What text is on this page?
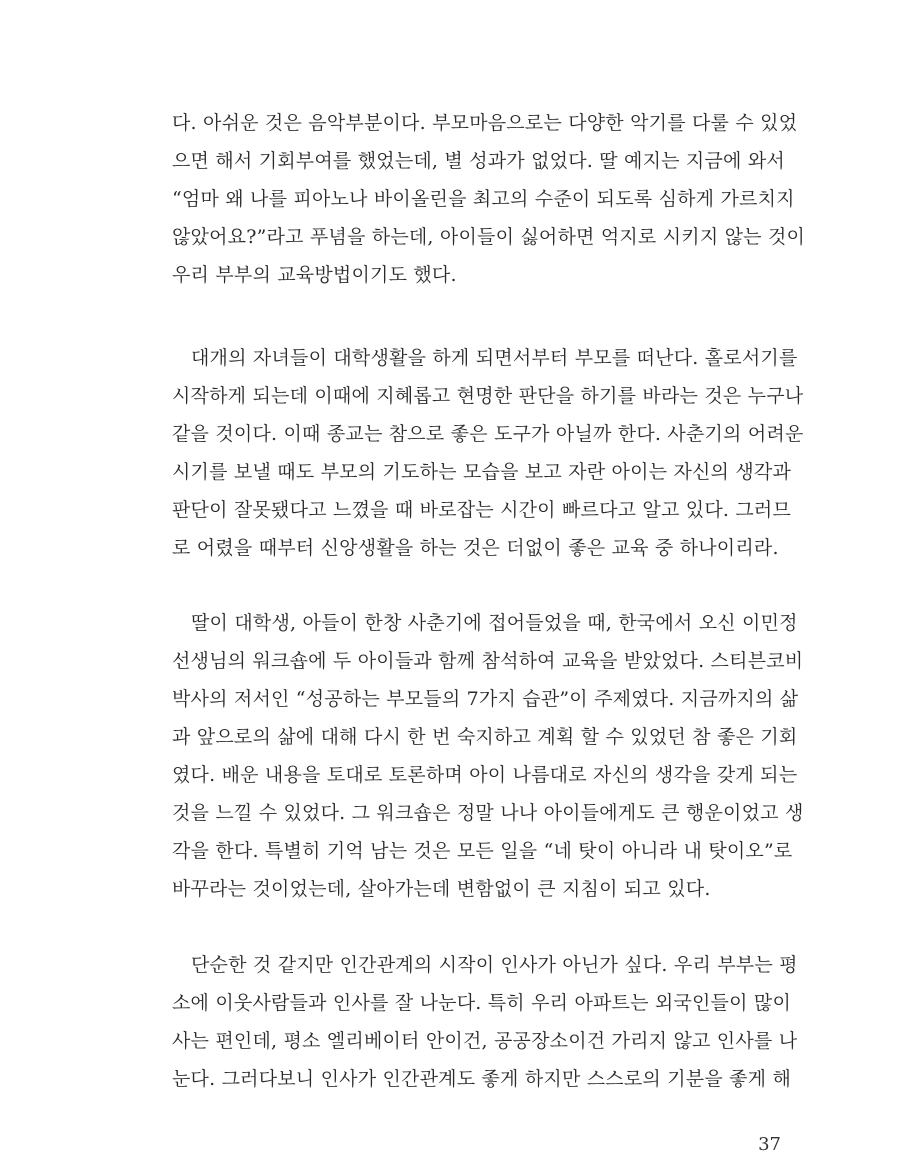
다. 아쉬운 것은 음악부분이다. 부모마음으로는 다양한 악기를 다룰 수 있었
으면 해서 기회부여를 했었는데, 별 성과가 없었다. 딸 예지는 지금에 와서
“엄마 왜 나를 피아노나 바이올린을 최고의 수준이 되도록 심하게 가르치지
않았어요?”라고 푸념을 하는데, 아이들이 싫어하면 억지로 시키지 않는 것이
우리 부부의 교육방법이기도 했다.
대개의 자녀들이 대학생활을 하게 되면서부터 부모를 떠난다. 홀로서기를
시작하게 되는데 이때에 지혜롭고 현명한 판단을 하기를 바라는 것은 누구나
같을 것이다. 이때 종교는 참으로 좋은 도구가 아닐까 한다. 사춘기의 어려운
시기를 보낼 때도 부모의 기도하는 모습을 보고 자란 아이는 자신의 생각과
판단이 잘못됐다고 느꼈을 때 바로잡는 시간이 빠르다고 알고 있다. 그러므
로 어렸을 때부터 신앙생활을 하는 것은 더없이 좋은 교육 중 하나이리라.
딸이 대학생, 아들이 한창 사춘기에 접어들었을 때, 한국에서 오신 이민정
선생님의 워크숍에 두 아이들과 함께 참석하여 교육을 받았었다. 스티븐코비
박사의 저서인 “성공하는 부모들의 7가지 습관”이 주제였다. 지금까지의 삶
과 앞으로의 삶에 대해 다시 한 번 숙지하고 계획 할 수 있었던 참 좋은 기회
였다. 배운 내용을 토대로 토론하며 아이 나름대로 자신의 생각을 갖게 되는
것을 느낄 수 있었다. 그 워크숍은 정말 나나 아이들에게도 큰 행운이었고 생
각을 한다. 특별히 기억 남는 것은 모든 일을 “네 탓이 아니라 내 탓이오”로
바꾸라는 것이었는데, 살아가는데 변함없이 큰 지침이 되고 있다.
단순한 것 같지만 인간관계의 시작이 인사가 아닌가 싶다. 우리 부부는 평
소에 이웃사람들과 인사를 잘 나눈다. 특히 우리 아파트는 외국인들이 많이
사는 편인데, 평소 엘리베이터 안이건, 공공장소이건 가리지 않고 인사를 나
눈다. 그러다보니 인사가 인간관계도 좋게 하지만 스스로의 기분을 좋게 해
37
